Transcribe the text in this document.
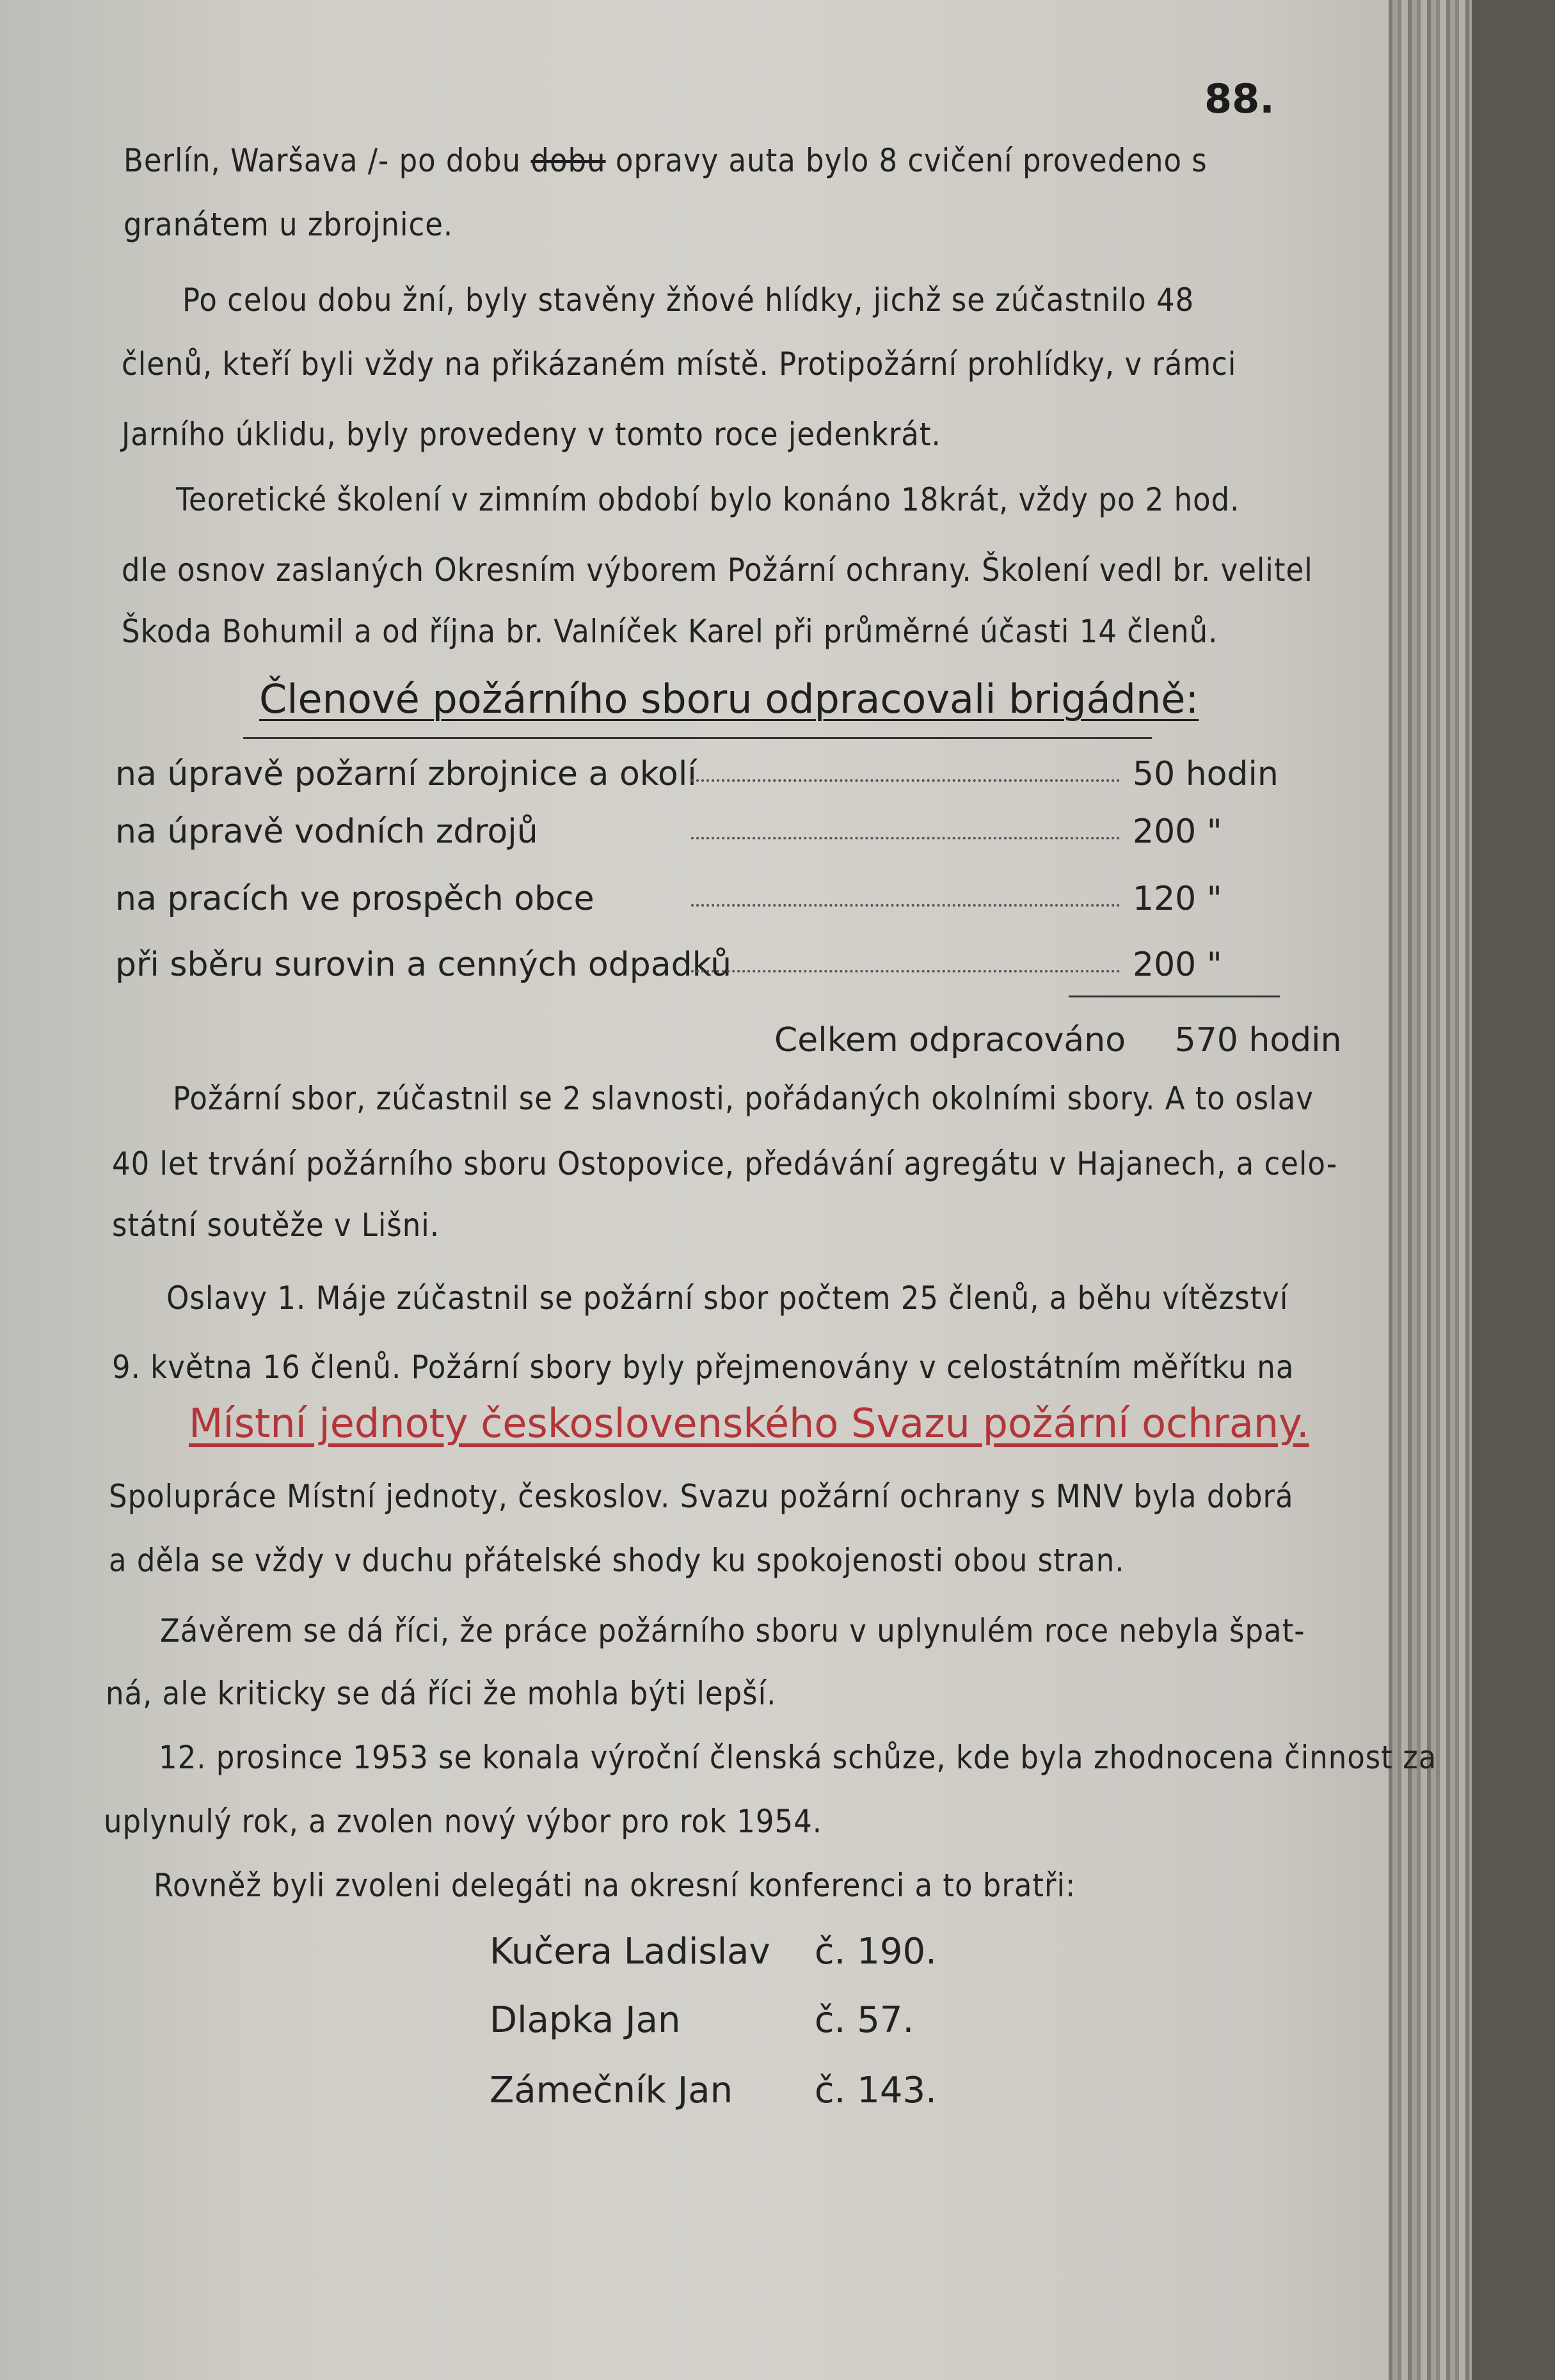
88.
Berlín, Waršava /- po dobu dobu opravy auta bylo 8 cvičení provedeno s
granátem u zbrojnice.
Po celou dobu žní, byly stavěny žňové hlídky, jichž se zúčastnilo 48
členů, kteří byli vždy na přikázaném místě. Protipožární prohlídky, v rámci
Jarního úklidu, byly provedeny v tomto roce jedenkrát.
Teoretické školení v zimním období bylo konáno 18krát, vždy po 2 hod.
dle osnov zaslaných Okresním výborem Požární ochrany. Školení vedl br. velitel
Škoda Bohumil a od října br. Valníček Karel při průměrné účasti 14 členů.
Členové požárního sboru odpracovali brigádně:
na úpravě požarní zbrojnice a okolí	50 hodin
na úpravě vodních zdrojů	200 "
na pracích ve prospěch obce	120 "
při sběru surovin a cenných odpadků	200 "
Celkem odpracováno 570 hodin
Požární sbor, zúčastnil se 2 slavnosti, pořádaných okolními sbory. A to oslav
40 let trvání požárního sboru Ostopovice, předávání agregátu v Hajanech, a celo-
státní soutěže v Lišni.
Oslavy 1. Máje zúčastnil se požární sbor počtem 25 členů, a běhu vítězství
9. května 16 členů. Požární sbory byly přejmenovány v celostátním měřítku na
Místní jednoty československého Svazu požární ochrany.
Spolupráce Místní jednoty, českoslov. Svazu požární ochrany s MNV byla dobrá
a děla se vždy v duchu přátelské shody ku spokojenosti obou stran.
Závěrem se dá říci, že práce požárního sboru v uplynulém roce nebyla špat-
ná, ale kriticky se dá říci že mohla býti lepší.
12. prosince 1953 se konala výroční členská schůze, kde byla zhodnocena činnost za
uplynulý rok, a zvolen nový výbor pro rok 1954.
Rovněž byli zvoleni delegáti na okresní konferenci a to bratři:
Kučera Ladislav č. 190.
Dlapka Jan	č. 57.
Zámečník Jan č. 143.
